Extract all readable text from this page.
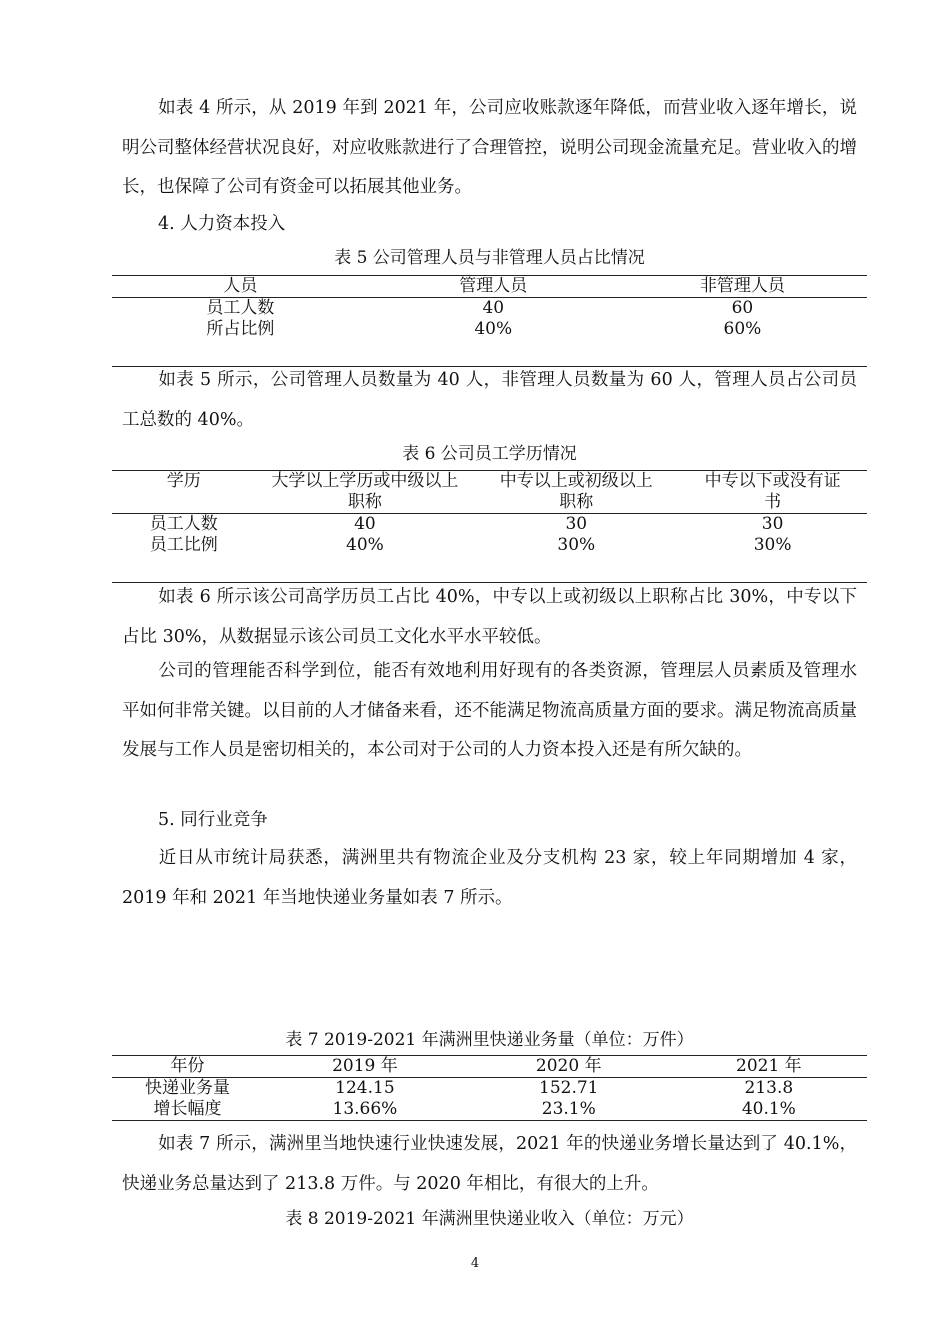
如表 4 所示，从 2019 年到 2021 年，公司应收账款逐年降低，而营业收入逐年增长，说明公司整体经营状况良好，对应收账款进行了合理管控，说明公司现金流量充足。营业收入的增长，也保障了公司有资金可以拓展其他业务。

4. 人力资本投入

表 5 公司管理人员与非管理人员占比情况

人员	管理人员	非管理人员
员工人数	40	60
所占比例	40%	60%

如表 5 所示，公司管理人员数量为 40 人，非管理人员数量为 60 人，管理人员占公司员工总数的 40%。

表 6 公司员工学历情况

学历	大学以上学历或中级以上职称	中专以上或初级以上职称	中专以下或没有证书
员工人数	40	30	30
员工比例	40%	30%	30%

如表 6 所示该公司高学历员工占比 40%，中专以上或初级以上职称占比 30%，中专以下占比 30%，从数据显示该公司员工文化水平水平较低。

公司的管理能否科学到位，能否有效地利用好现有的各类资源，管理层人员素质及管理水平如何非常关键。以目前的人才储备来看，还不能满足物流高质量方面的要求。满足物流高质量发展与工作人员是密切相关的，本公司对于公司的人力资本投入还是有所欠缺的。

5. 同行业竞争

近日从市统计局获悉，满洲里共有物流企业及分支机构 23 家，较上年同期增加 4 家，2019 年和 2021 年当地快递业务量如表 7 所示。

表 7 2019-2021 年满洲里快递业务量（单位：万件）

年份	2019 年	2020 年	2021 年
快递业务量	124.15	152.71	213.8
增长幅度	13.66%	23.1%	40.1%

如表 7 所示，满洲里当地快速行业快速发展，2021 年的快递业务增长量达到了 40.1%，快递业务总量达到了 213.8 万件。与 2020 年相比，有很大的上升。

表 8 2019-2021 年满洲里快递业收入（单位：万元）

4
